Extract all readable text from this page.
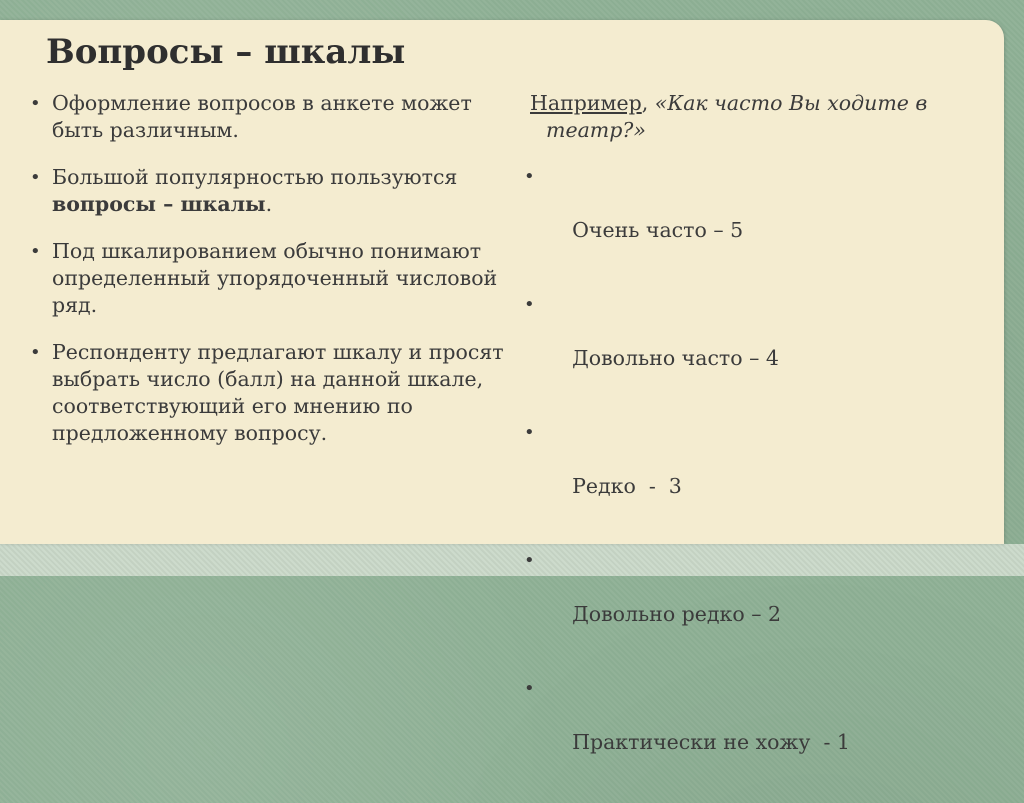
Вопросы – шкалы
• Оформление вопросов в анкете может быть различным.
• Большой популярностью пользуются вопросы – шкалы.
• Под шкалированием обычно понимают определенный упорядоченный числовой ряд.
• Респонденту предлагают шкалу и просят выбрать число (балл) на данной шкале, соответствующий его мнению по предложенному вопросу.
Например, «Как часто Вы ходите в
театр?»

•

Очень часто – 5

•

Довольно часто – 4

•

Редко  -  3

•

Довольно редко – 2

•

Практически не хожу  - 1
